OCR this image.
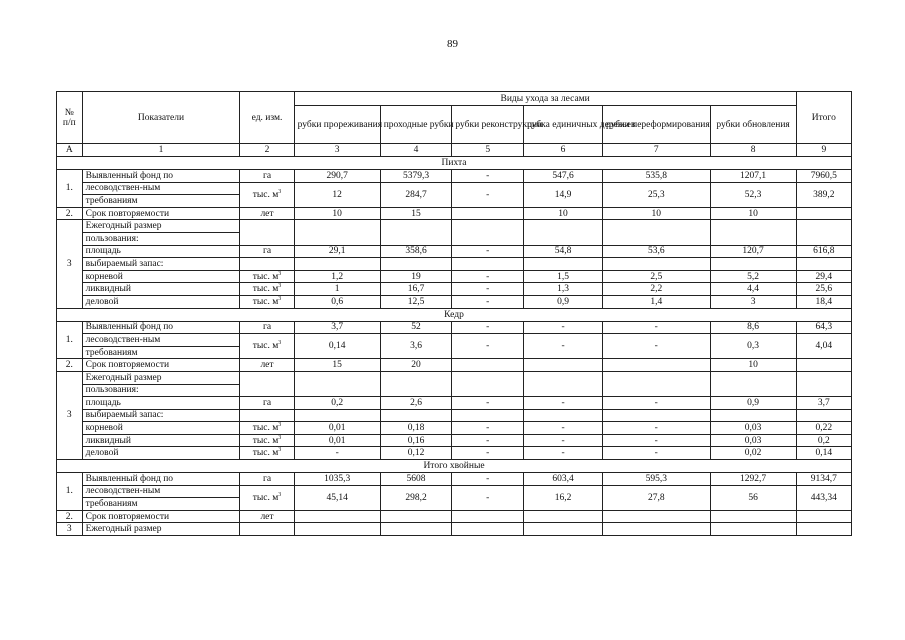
89
№
п/п	Показатели	ед. изм.	Виды ухода за лесами						Итого
			рубки прореживания	проходные рубки	рубки реконструкции	рубка единичных деревьев	рубки переформирования	рубки обновления	
А	1	2	3	4	5	6	7	8	9
Пихта									
1.	Выявленный фонд по	га	290,7	5379,3	-	547,6	535,8	1207,1	7960,5
	лесоводствен-ным	тыс. $м^3$	12	284,7	-	14,9	25,3	52,3	389,2
	требованиям								
2.	Срок повторяемости	лет	10	15		10	10	10	
3	Ежегодный размер								
	пользования:								
	площадь	га	29,1	358,6	-	54,8	53,6	120,7	616,8
	выбираемый запас:								
	корневой	тыс. $м^3$	1,2	19	-	1,5	2,5	5,2	29,4
	ликвидный	тыс. $м^3$	1	16,7	-	1,3	2,2	4,4	25,6
	деловой	тыс. $м^3$	0,6	12,5	-	0,9	1,4	3	18,4
Кедр									
1.	Выявленный фонд по	га	3,7	52	-	-	-	8,6	64,3
	лесоводствен-ным	тыс. $м^3$	0,14	3,6	-	-	-	0,3	4,04
	требованиям								
2.	Срок повторяемости	лет	15	20				10	
3	Ежегодный размер								
	пользования:								
	площадь	га	0,2	2,6	-	-	-	0,9	3,7
	выбираемый запас:								
	корневой	тыс. $м^3$	0,01	0,18	-	-	-	0,03	0,22
	ликвидный	тыс. $м^3$	0,01	0,16	-	-	-	0,03	0,2
	деловой	тыс. $м^3$	-	0,12	-	-	-	0,02	0,14
Итого хвойные									
1.	Выявленный фонд по	га	1035,3	5608	-	603,4	595,3	1292,7	9134,7
	лесоводствен-ным	тыс. $м^3$	45,14	298,2	-	16,2	27,8	56	443,34
	требованиям								
2.	Срок повторяемости	лет							
3	Ежегодный размер								
